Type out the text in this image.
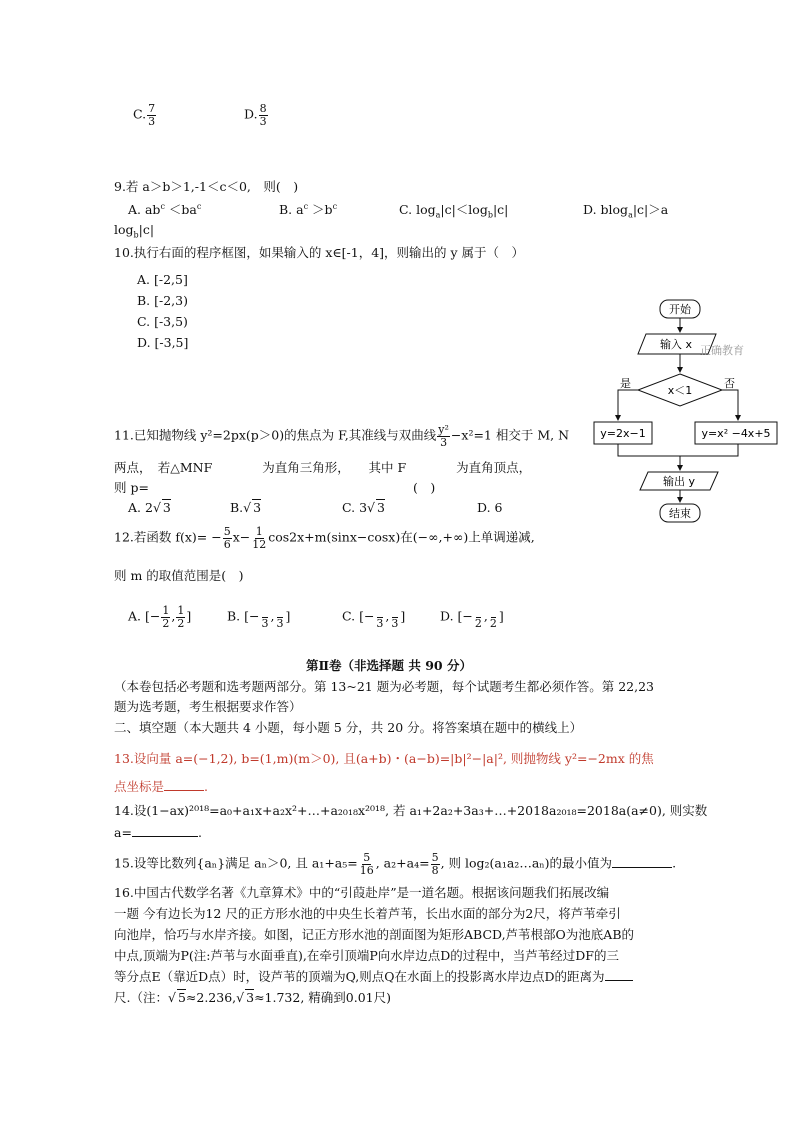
C. $\frac{7}{3}$	D. $\frac{8}{3}$
9.若 a＞b＞1,-1＜c＜0,　则(　)
A. $ab^c <ba^c$	B. $a^c >b^c$	C. $\log_a|c|<\log_b|c|$	D. blog$_a$|c|＞a
$\log_b|c|$
10.执行右面的程序框图，如果输入的 x∈[-1，4]，则输出的 y 属于（　）
A. [-2,5]
B. [-2,3)
C. [-3,5)
D. [-3,5]
开始
输入 x 正确教育
x＜1
是	否
y=2x−1	y=x² −4x+5
输出 y
结束
11.已知抛物线 y²=2px(p＞0)的焦点为 F,其准线与双曲线 $\frac{\text{y²}}{3} -x^2=1$ 相交于 M, N
两点，　若△MNF　　　　为直角三角形，　　其中 F　　　　为直角顶点，
则 p=	(　)
A. 2√ 3	B.√ 3	C. 3√ 3	D. 6
12.若函数 $f(x)= - \frac{5}{6} x- \frac{1}{12} \cos 2x+m(\sin x-\cos x)$在(−∞,+∞)上单调递减,
则 m 的取值范围是(　)
A. [− $\frac{1}{2}$ , $\frac{1}{2}$ ]	B. [−
3 ,
3 ]	C. [−
3 ,
3 ]	D. [−
2 ,
2 ]
第Ⅱ卷（非选择题 共 90 分）
（本卷包括必考题和选考题两部分。第 13~21 题为必考题，每个试题考生都必须作答。第 22,23
题为选考题，考生根据要求作答）
二、填空题（本大题共 4 小题，每小题 5 分，共 20 分。将答案填在题中的横线上）
13.设向量 a=(−1,2), b=(1,m)(m＞0), 且(a+b)・(a−b)=|b|²−|a|², 则抛物线 y²=−2mx 的焦
点坐标是	.
14.设(1−ax)²⁰¹⁸=a₀+a₁x+a₂x²+…+a₂₀₁₈x²⁰¹⁸, 若 a₁+2a₂+3a₃+…+2018a₂₀₁₈=2018a(a≠0), 则实数
a=	.
15.设等比数列{aₙ}满足 aₙ＞0, 且 $a_1+a_5= \frac{5}{16}$ , $a_2+a_4= \frac{5}{8}$ , 则 log₂(a₁a₂…aₙ)的最小值为	.
16.中国古代数学名著《九章算术》中的“引葭赴岸”是一道名题。根据该问题我们拓展改编
一题 今有边长为12 尺的正方形水池的中央生长着芦苇，长出水面的部分为2尺，将芦苇牵引
向池岸，恰巧与水岸齐接。如图，记正方形水池的剖面图为矩形ABCD,芦苇根部O为池底AB的
中点,顶端为P(注:芦苇与水面垂直),在牵引顶端P向水岸边点D的过程中，当芦苇经过DF的三
等分点E（靠近D点）时，设芦苇的顶端为Q,则点Q在水面上的投影离水岸边点D的距离为
尺.（注：√ 5≈2.236,√ 3≈1.732, 精确到0.01尺)
